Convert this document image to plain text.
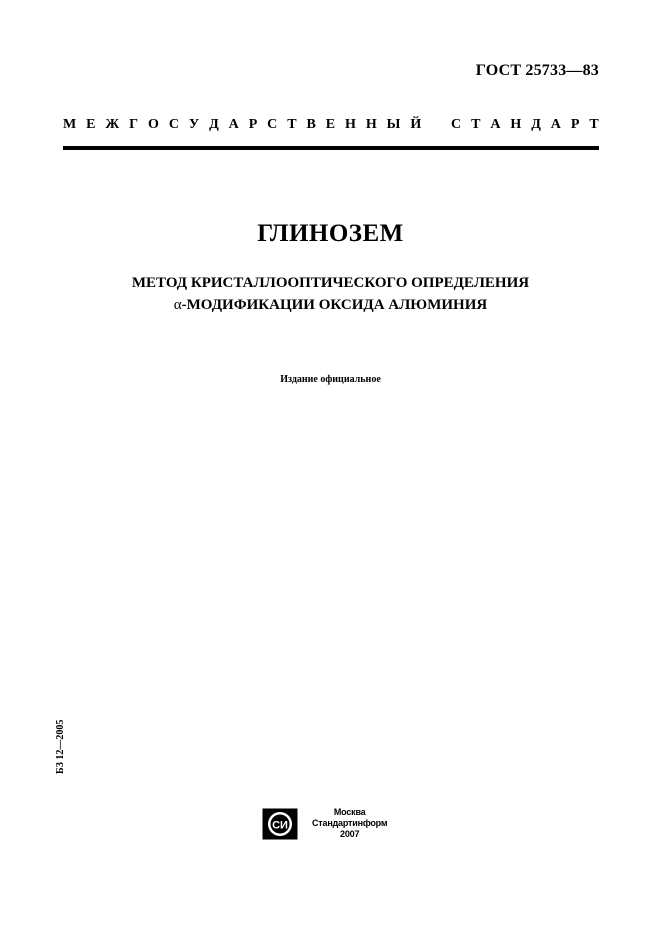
ГОСТ 25733—83
М Е Ж Г О С У Д А Р С Т В Е Н Н Ы Й С Т А Н Д А Р Т
ГЛИНОЗЕМ
МЕТОД КРИСТАЛЛООПТИЧЕСКОГО ОПРЕДЕЛЕНИЯ
α-МОДИФИКАЦИИ ОКСИДА АЛЮМИНИЯ
Издание официальное
БЗ 12—2005
СИ
Москва
Стандартинформ
2007
